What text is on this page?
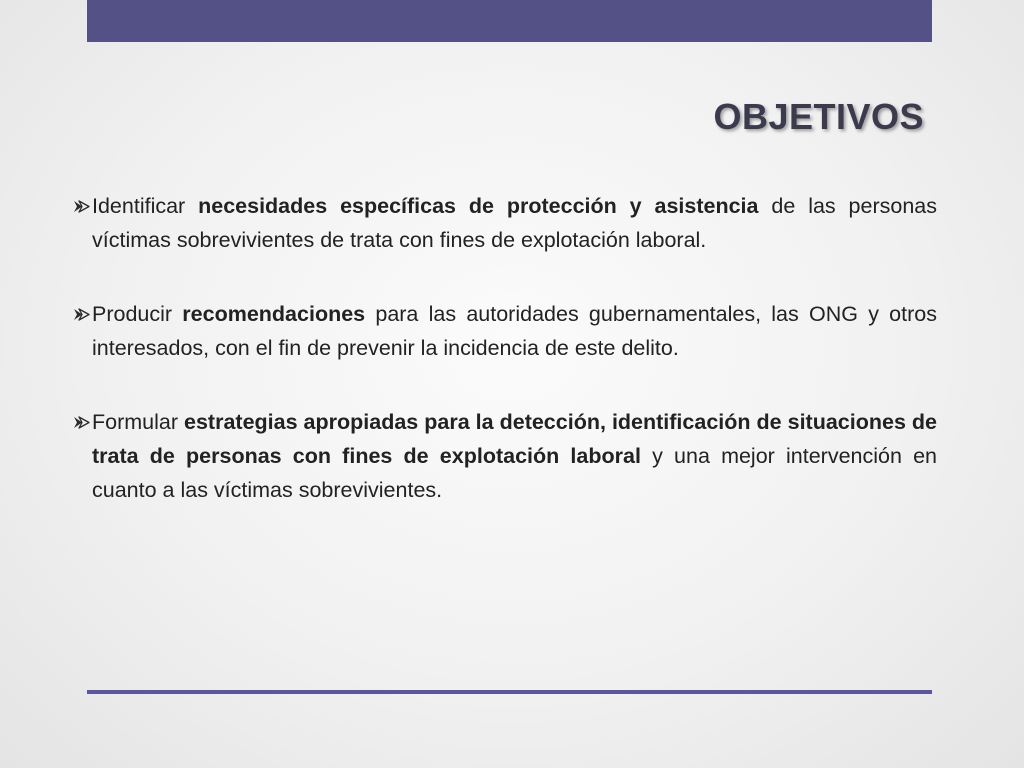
OBJETIVOS
Identificar necesidades específicas de protección y asistencia de las personas víctimas sobrevivientes de trata con fines de explotación laboral.
Producir recomendaciones para las autoridades gubernamentales, las ONG y otros interesados, con el fin de prevenir la incidencia de este delito.
Formular estrategias apropiadas para la detección, identificación de situaciones de trata de personas con fines de explotación laboral y una mejor intervención en cuanto a las víctimas sobrevivientes.
